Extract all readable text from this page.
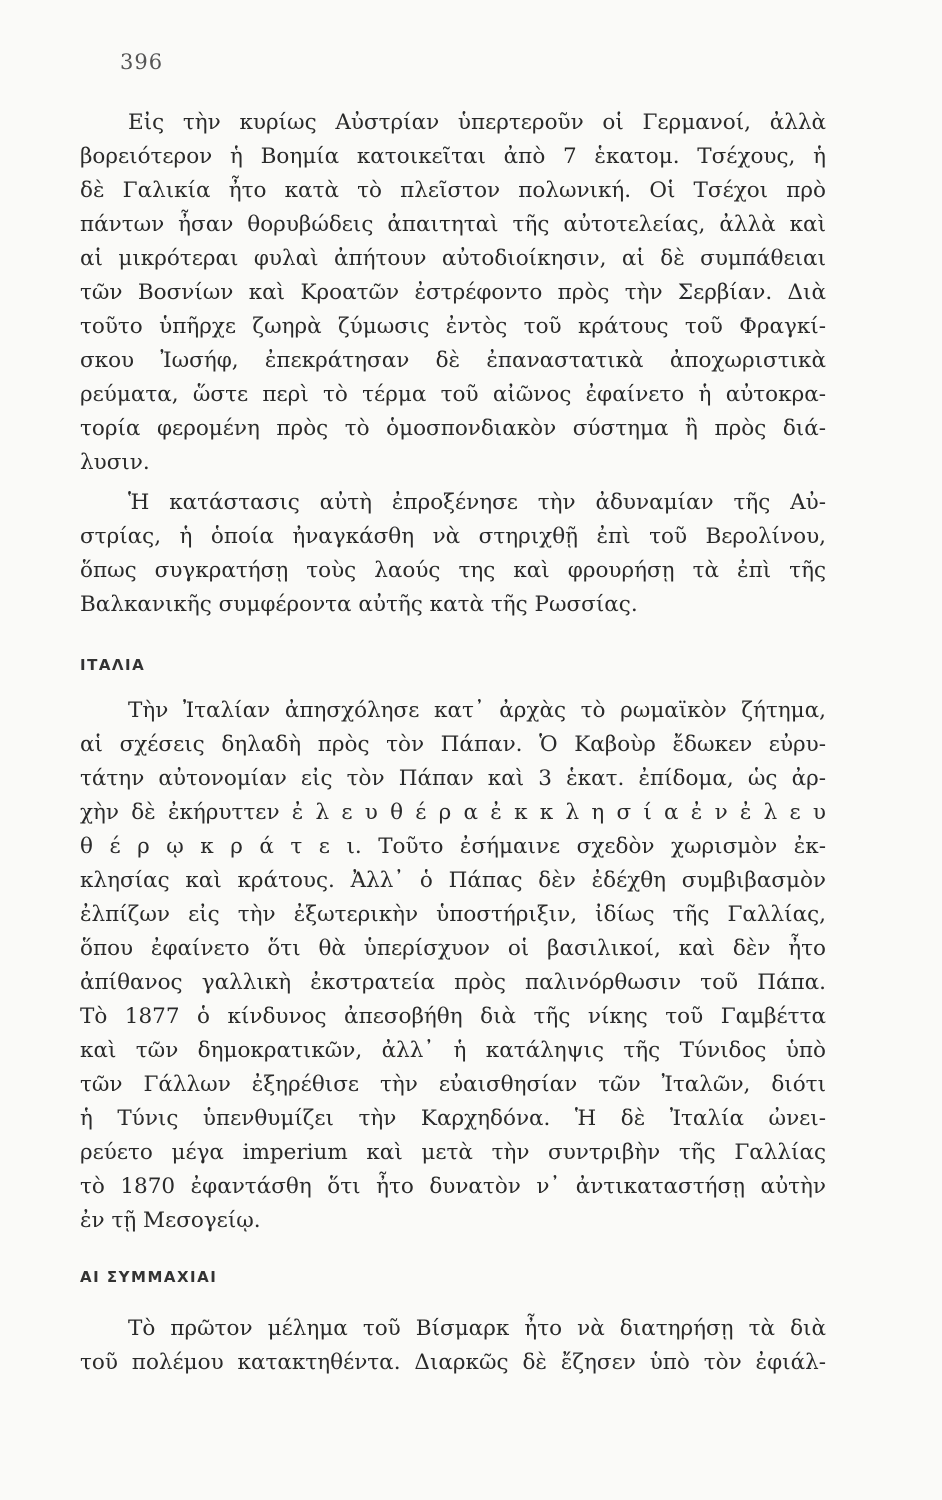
396
Εἰς τὴν κυρίως Αὐστρίαν ὑπερτεροῦν οἱ Γερμανοί, ἀλλὰ
βορειότερον ἡ Βοημία κατοικεῖται ἀπὸ 7 ἑκατομ. Τσέχους, ἡ
δὲ Γαλικία ἦτο κατὰ τὸ πλεῖστον πολωνική. Οἱ Τσέχοι πρὸ
πάντων ἦσαν θορυβώδεις ἀπαιτηταὶ τῆς αὐτοτελείας, ἀλλὰ καὶ
αἱ μικρότεραι φυλαὶ ἀπήτουν αὐτοδιοίκησιν, αἱ δὲ συμπάθειαι
τῶν Βοσνίων καὶ Κροατῶν ἐστρέφοντο πρὸς τὴν Σερβίαν. Διὰ
τοῦτο ὑπῆρχε ζωηρὰ ζύμωσις ἐντὸς τοῦ κράτους τοῦ Φραγκί-
σκου Ἰωσήφ, ἐπεκράτησαν δὲ ἐπαναστατικὰ ἀποχωριστικὰ
ρεύματα, ὥστε περὶ τὸ τέρμα τοῦ αἰῶνος ἐφαίνετο ἡ αὐτοκρα-
τορία φερομένη πρὸς τὸ ὁμοσπονδιακὸν σύστημα ἢ πρὸς διά-
λυσιν.
Ἡ κατάστασις αὐτὴ ἐπροξένησε τὴν ἀδυναμίαν τῆς Αὐ-
στρίας, ἡ ὁποία ἠναγκάσθη νὰ στηριχθῇ ἐπὶ τοῦ Βερολίνου,
ὅπως συγκρατήσῃ τοὺς λαούς της καὶ φρουρήσῃ τὰ ἐπὶ τῆς
Βαλκανικῆς συμφέροντα αὐτῆς κατὰ τῆς Ρωσσίας.
ΙΤΑΛΙΑ
Τὴν Ἰταλίαν ἀπησχόλησε κατ᾽ ἀρχὰς τὸ ρωμαϊκὸν ζήτημα,
αἱ σχέσεις δηλαδὴ πρὸς τὸν Πάπαν. Ὁ Καβοὺρ ἔδωκεν εὐρυ-
τάτην αὐτονομίαν εἰς τὸν Πάπαν καὶ 3 ἑκατ. ἐπίδομα, ὡς ἀρ-
χὴν δὲ ἐκήρυττεν ἐ λ ε υ θ έ ρ α ἐ κ κ λ η σ ί α ἐ ν ἐ λ ε υ
θ έ ρ ῳ κ ρ ά τ ε ι. Τοῦτο ἐσήμαινε σχεδὸν χωρισμὸν ἐκ-
κλησίας καὶ κράτους. Ἀλλ᾽ ὁ Πάπας δὲν ἐδέχθη συμβιβασμὸν
ἐλπίζων εἰς τὴν ἐξωτερικὴν ὑποστήριξιν, ἰδίως τῆς Γαλλίας,
ὅπου ἐφαίνετο ὅτι θὰ ὑπερίσχυον οἱ βασιλικοί, καὶ δὲν ἦτο
ἀπίθανος γαλλικὴ ἐκστρατεία πρὸς παλινόρθωσιν τοῦ Πάπα.
Τὸ 1877 ὁ κίνδυνος ἀπεσοβήθη διὰ τῆς νίκης τοῦ Γαμβέττα
καὶ τῶν δημοκρατικῶν, ἀλλ᾽ ἡ κατάληψις τῆς Τύνιδος ὑπὸ
τῶν Γάλλων ἐξηρέθισε τὴν εὐαισθησίαν τῶν Ἰταλῶν, διότι
ἡ Τύνις ὑπενθυμίζει τὴν Καρχηδόνα. Ἡ δὲ Ἰταλία ὠνει-
ρεύετο μέγα imperium καὶ μετὰ τὴν συντριβὴν τῆς Γαλλίας
τὸ 1870 ἐφαντάσθη ὅτι ἦτο δυνατὸν ν᾽ ἀντικαταστήσῃ αὐτὴν
ἐν τῇ Μεσογείῳ.
ΑΙ ΣΥΜΜΑΧΙΑΙ
Τὸ πρῶτον μέλημα τοῦ Βίσμαρκ ἦτο νὰ διατηρήσῃ τὰ διὰ
τοῦ πολέμου κατακτηθέντα. Διαρκῶς δὲ ἔζησεν ὑπὸ τὸν ἐφιάλ-
